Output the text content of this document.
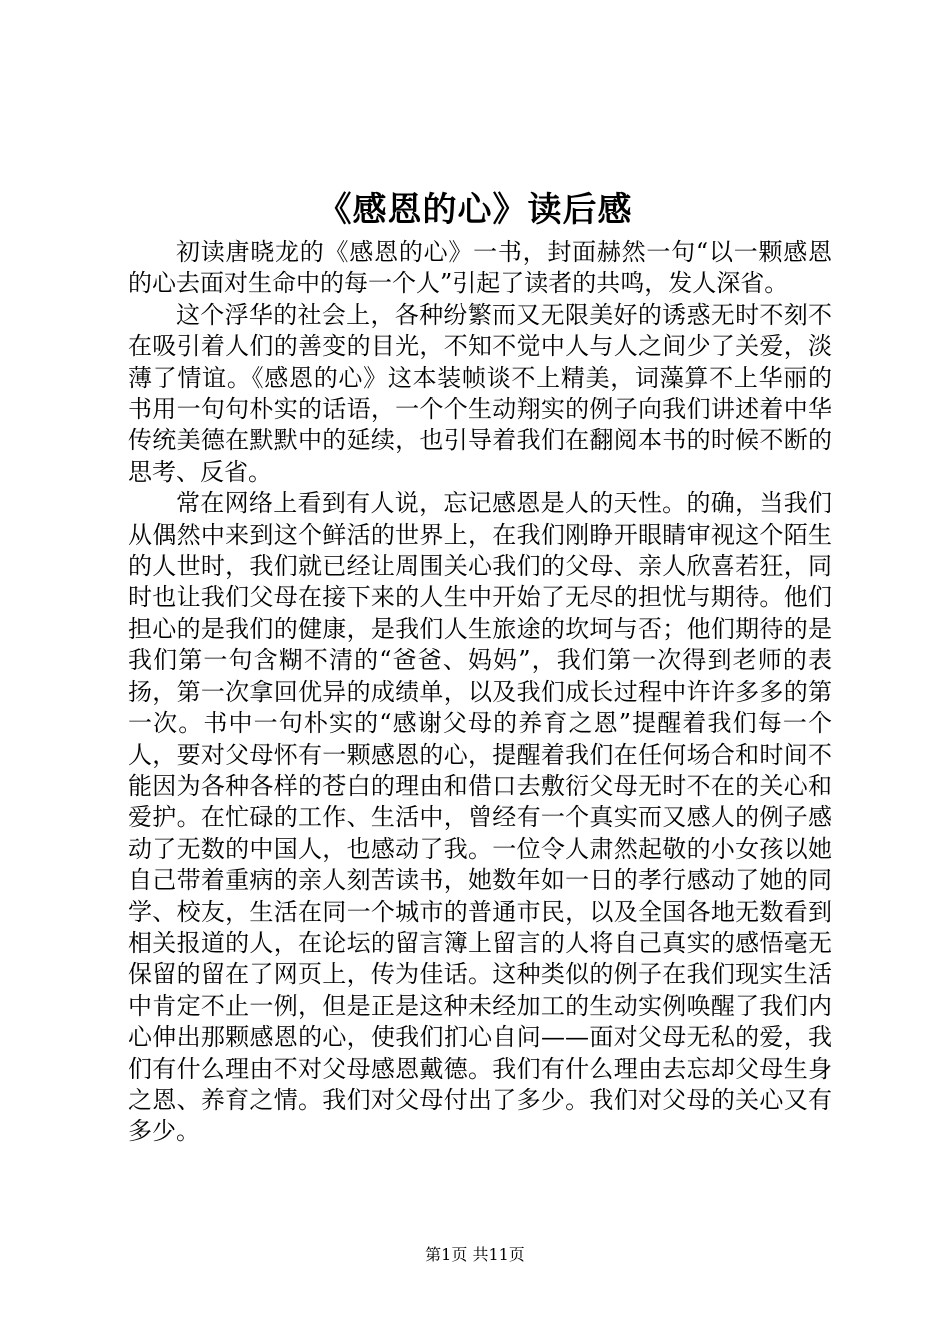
《感恩的心》读后感

初读唐晓龙的《感恩的心》一书，封面赫然一句“以一颗感恩的心去面对生命中的每一个人”引起了读者的共鸣，发人深省。

这个浮华的社会上，各种纷繁而又无限美好的诱惑无时不刻不在吸引着人们的善变的目光，不知不觉中人与人之间少了关爱，淡薄了情谊。《感恩的心》这本装帧谈不上精美，词藻算不上华丽的书用一句句朴实的话语，一个个生动翔实的例子向我们讲述着中华传统美德在默默中的延续，也引导着我们在翻阅本书的时候不断的思考、反省。

常在网络上看到有人说，忘记感恩是人的天性。的确，当我们从偶然中来到这个鲜活的世界上，在我们刚睁开眼睛审视这个陌生的人世时，我们就已经让周围关心我们的父母、亲人欣喜若狂，同时也让我们父母在接下来的人生中开始了无尽的担忧与期待。他们担心的是我们的健康，是我们人生旅途的坎坷与否；他们期待的是我们第一句含糊不清的“爸爸、妈妈”，我们第一次得到老师的表扬，第一次拿回优异的成绩单，以及我们成长过程中许许多多的第一次。书中一句朴实的“感谢父母的养育之恩”提醒着我们每一个人，要对父母怀有一颗感恩的心，提醒着我们在任何场合和时间不能因为各种各样的苍白的理由和借口去敷衍父母无时不在的关心和爱护。在忙碌的工作、生活中，曾经有一个真实而又感人的例子感动了无数的中国人，也感动了我。一位令人肃然起敬的小女孩以她自己带着重病的亲人刻苦读书，她数年如一日的孝行感动了她的同学、校友，生活在同一个城市的普通市民，以及全国各地无数看到相关报道的人，在论坛的留言簿上留言的人将自己真实的感悟毫无保留的留在了网页上，传为佳话。这种类似的例子在我们现实生活中肯定不止一例，但是正是这种未经加工的生动实例唤醒了我们内心伸出那颗感恩的心，使我们扪心自问——面对父母无私的爱，我们有什么理由不对父母感恩戴德。我们有什么理由去忘却父母生身之恩、养育之情。我们对父母付出了多少。我们对父母的关心又有多少。

第1页 共11页
